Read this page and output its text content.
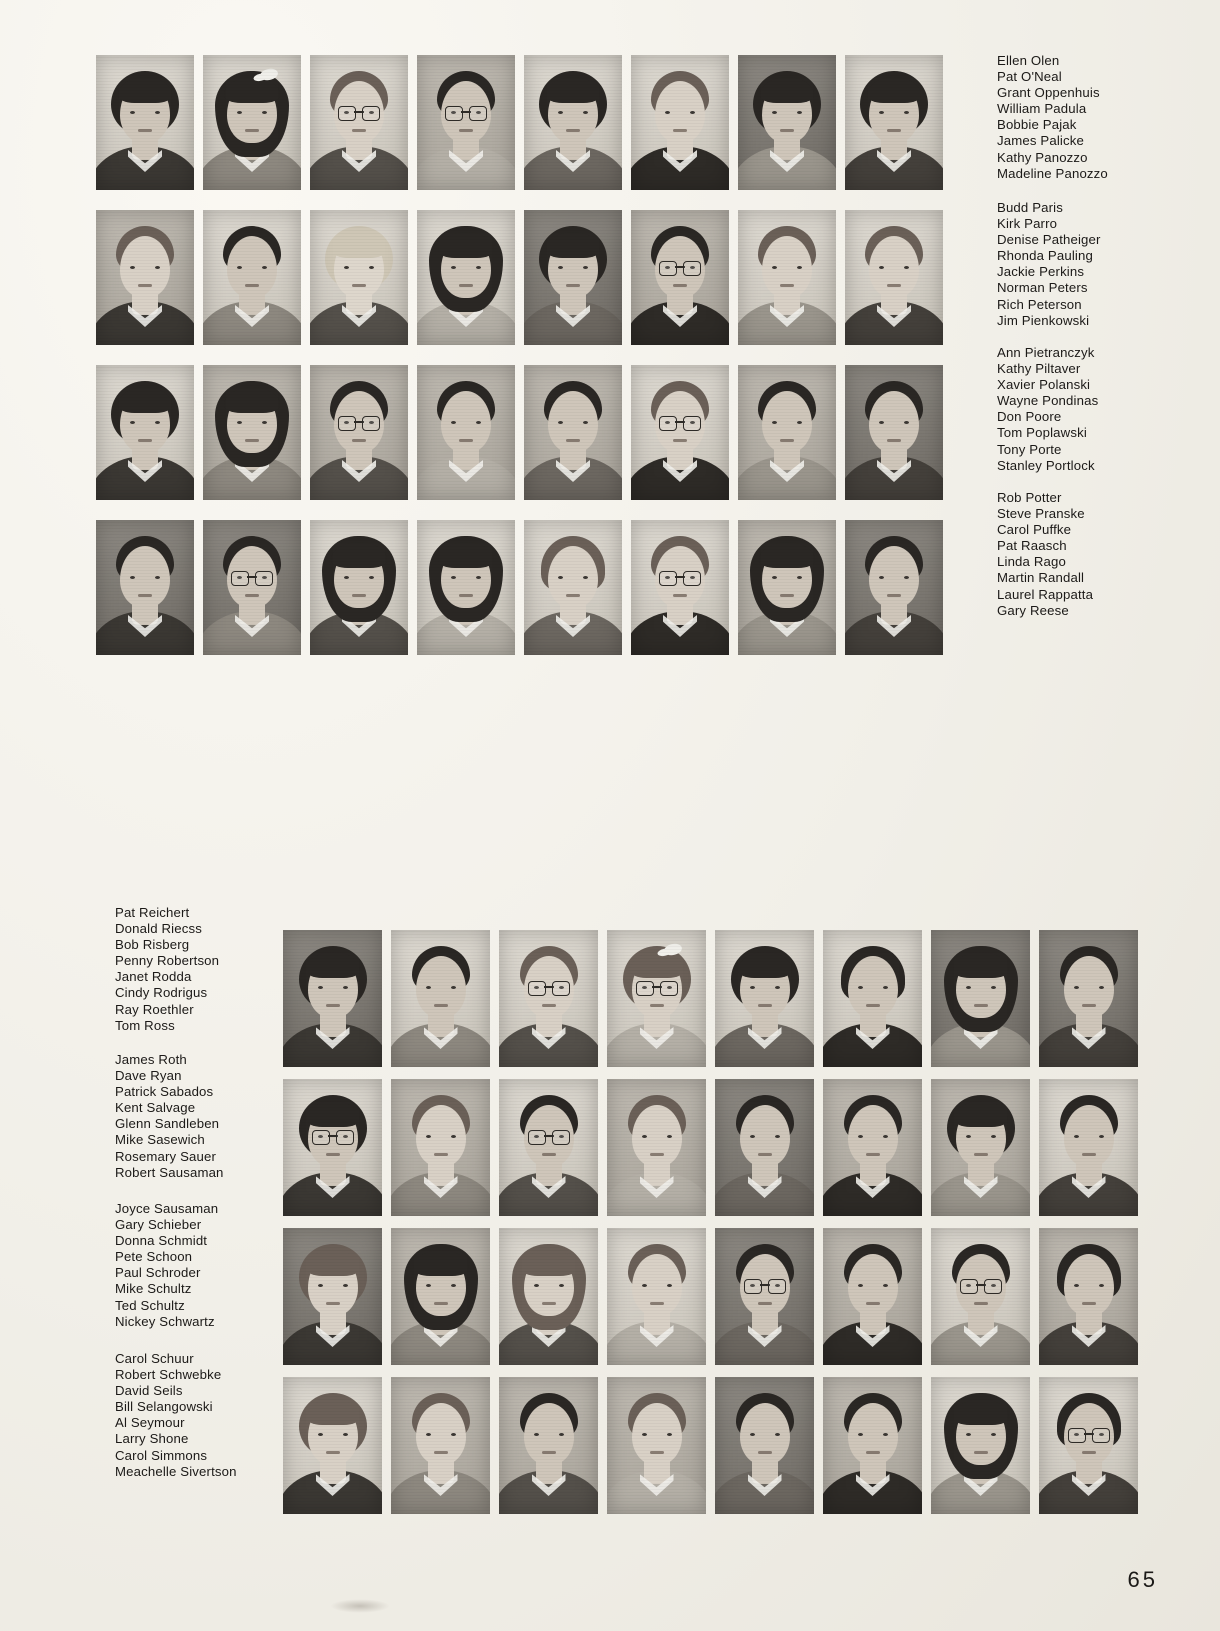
Ellen Olen
Pat O'Neal
Grant Oppenhuis
William Padula
Bobbie Pajak
James Palicke
Kathy Panozzo
Madeline Panozzo
Budd Paris
Kirk Parro
Denise Patheiger
Rhonda Pauling
Jackie Perkins
Norman Peters
Rich Peterson
Jim Pienkowski
Ann Pietranczyk
Kathy Piltaver
Xavier Polanski
Wayne Pondinas
Don Poore
Tom Poplawski
Tony Porte
Stanley Portlock
Rob Potter
Steve Pranske
Carol Puffke
Pat Raasch
Linda Rago
Martin Randall
Laurel Rappatta
Gary Reese
Pat Reichert
Donald Riecss
Bob Risberg
Penny Robertson
Janet Rodda
Cindy Rodrigus
Ray Roethler
Tom Ross
James Roth
Dave Ryan
Patrick Sabados
Kent Salvage
Glenn Sandleben
Mike Sasewich
Rosemary Sauer
Robert Sausaman
Joyce Sausaman
Gary Schieber
Donna Schmidt
Pete Schoon
Paul Schroder
Mike Schultz
Ted Schultz
Nickey Schwartz
Carol Schuur
Robert Schwebke
David Seils
Bill Selangowski
Al Seymour
Larry Shone
Carol Simmons
Meachelle Sivertson
65
